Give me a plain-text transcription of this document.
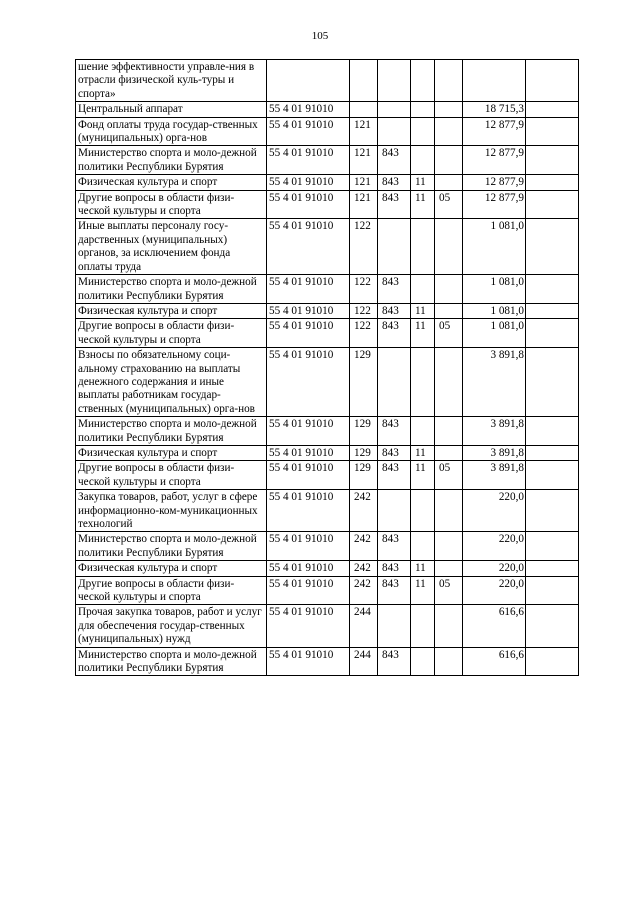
105
шение эффективности управле-ния в отрасли физической куль-туры и спорта»							
Центральный аппарат	55 4 01 91010					18 715,3	
Фонд оплаты труда государ-ственных (муниципальных) орга-нов	55 4 01 91010	121				12 877,9	
Министерство спорта и моло-дежной политики Республики Бурятия	55 4 01 91010	121	843			12 877,9	
Физическая культура и спорт	55 4 01 91010	121	843	11		12 877,9	
Другие вопросы в области физи-ческой культуры и спорта	55 4 01 91010	121	843	11	05	12 877,9	
Иные выплаты персоналу госу-дарственных (муниципальных) органов, за исключением фонда оплаты труда	55 4 01 91010	122				1 081,0	
Министерство спорта и моло-дежной политики Республики Бурятия	55 4 01 91010	122	843			1 081,0	
Физическая культура и спорт	55 4 01 91010	122	843	11		1 081,0	
Другие вопросы в области физи-ческой культуры и спорта	55 4 01 91010	122	843	11	05	1 081,0	
Взносы по обязательному соци-альному страхованию на выплаты денежного содержания и иные выплаты работникам государ-ственных (муниципальных) орга-нов	55 4 01 91010	129				3 891,8	
Министерство спорта и моло-дежной политики Республики Бурятия	55 4 01 91010	129	843			3 891,8	
Физическая культура и спорт	55 4 01 91010	129	843	11		3 891,8	
Другие вопросы в области физи-ческой культуры и спорта	55 4 01 91010	129	843	11	05	3 891,8	
Закупка товаров, работ, услуг в сфере информационно-ком-муникационных технологий	55 4 01 91010	242				220,0	
Министерство спорта и моло-дежной политики Республики Бурятия	55 4 01 91010	242	843			220,0	
Физическая культура и спорт	55 4 01 91010	242	843	11		220,0	
Другие вопросы в области физи-ческой культуры и спорта	55 4 01 91010	242	843	11	05	220,0	
Прочая закупка товаров, работ и услуг для обеспечения государ-ственных (муниципальных) нужд	55 4 01 91010	244				616,6	
Министерство спорта и моло-дежной политики Республики Бурятия	55 4 01 91010	244	843			616,6	
